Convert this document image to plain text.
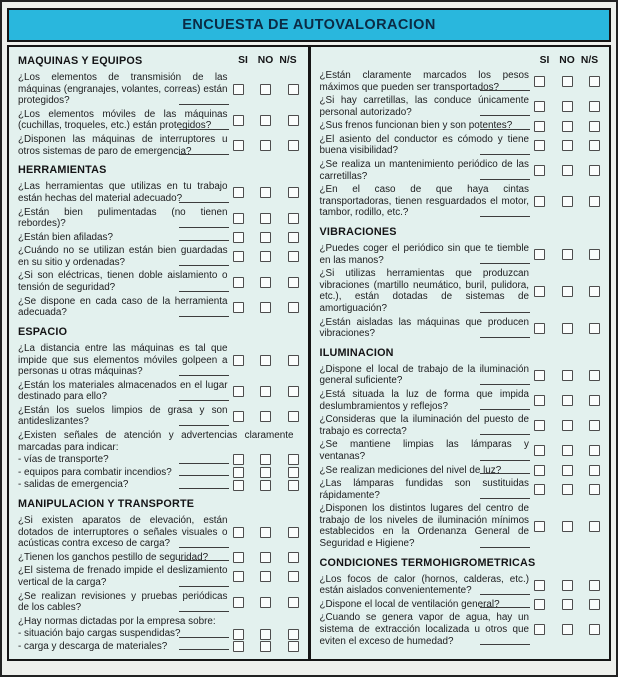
ENCUESTA DE AUTOVALORACION
MAQUINAS Y EQUIPOS	SI NO N/S
¿Los elementos de transmisión de las máquinas (engranajes, volantes, correas) están protegidos?
¿Los elementos móviles de las máquinas (cuchillas, troqueles, etc.) están protegidos?
¿Disponen las máquinas de interruptores u otros sistemas de paro de emergencia?
HERRAMIENTAS
¿Las herramientas que utilizas en tu trabajo están hechas del material adecuado?
¿Están bien pulimentadas (no tienen rebordes)?
¿Están bien afiladas?
¿Cuándo no se utilizan están bien guardadas en su sitio y ordenadas?
¿Si son eléctricas, tienen doble aislamiento o tensión de seguridad?
¿Se dispone en cada caso de la herramienta adecuada?
ESPACIO
¿La distancia entre las máquinas es tal que impide que sus elementos móviles golpeen a personas u otras máquinas?
¿Están los materiales almacenados en el lugar destinado para ello?
¿Están los suelos limpios de grasa y son antideslizantes?
¿Existen señales de atención y advertencias claramente marcadas para indicar:
- vías de transporte?
- equipos para combatir incendios?
- salidas de emergencia?
MANIPULACION Y TRANSPORTE
¿Si existen aparatos de elevación, están dotados de interruptores o señales visuales o acústicas contra exceso de carga?
¿Tienen los ganchos pestillo de seguridad?
¿El sistema de frenado impide el deslizamiento vertical de la carga?
¿Se realizan revisiones y pruebas periódicas de los cables?
¿Hay normas dictadas por la empresa sobre:
- situación bajo cargas suspendidas?
- carga y descarga de materiales?
SI NO N/S
¿Están claramente marcados los pesos máximos que pueden ser transportados?
¿Si hay carretillas, las conduce únicamente personal autorizado?
¿Sus frenos funcionan bien y son potentes?
¿El asiento del conductor es cómodo y tiene buena visibilidad?
¿Se realiza un mantenimiento periódico de las carretillas?
¿En el caso de que haya cintas transportadoras, tienen resguardados el motor, tambor, rodillo, etc.?
VIBRACIONES
¿Puedes coger el periódico sin que te tiemble en las manos?
¿Si utilizas herramientas que produzcan vibraciones (martillo neumático, buril, pulidora, etc.), están dotadas de sistemas de amortiguación?
¿Están aisladas las máquinas que producen vibraciones?
ILUMINACION
¿Dispone el local de trabajo de la iluminación general suficiente?
¿Está situada la luz de forma que impida deslumbramientos y reflejos?
¿Consideras que la iluminación del puesto de trabajo es correcta?
¿Se mantiene limpias las lámparas y ventanas?
¿Se realizan mediciones del nivel de luz?
¿Las lámparas fundidas son sustituidas rápidamente?
¿Disponen los distintos lugares del centro de trabajo de los niveles de iluminación mínimos establecidos en la Ordenanza General de Seguridad e Higiene?
CONDICIONES TERMOHIGROMETRICAS
¿Los focos de calor (hornos, calderas, etc.) están aislados convenientemente?
¿Dispone el local de ventilación general?
¿Cuando se genera vapor de agua, hay un sistema de extracción localizada u otros que eviten el exceso de humedad?
